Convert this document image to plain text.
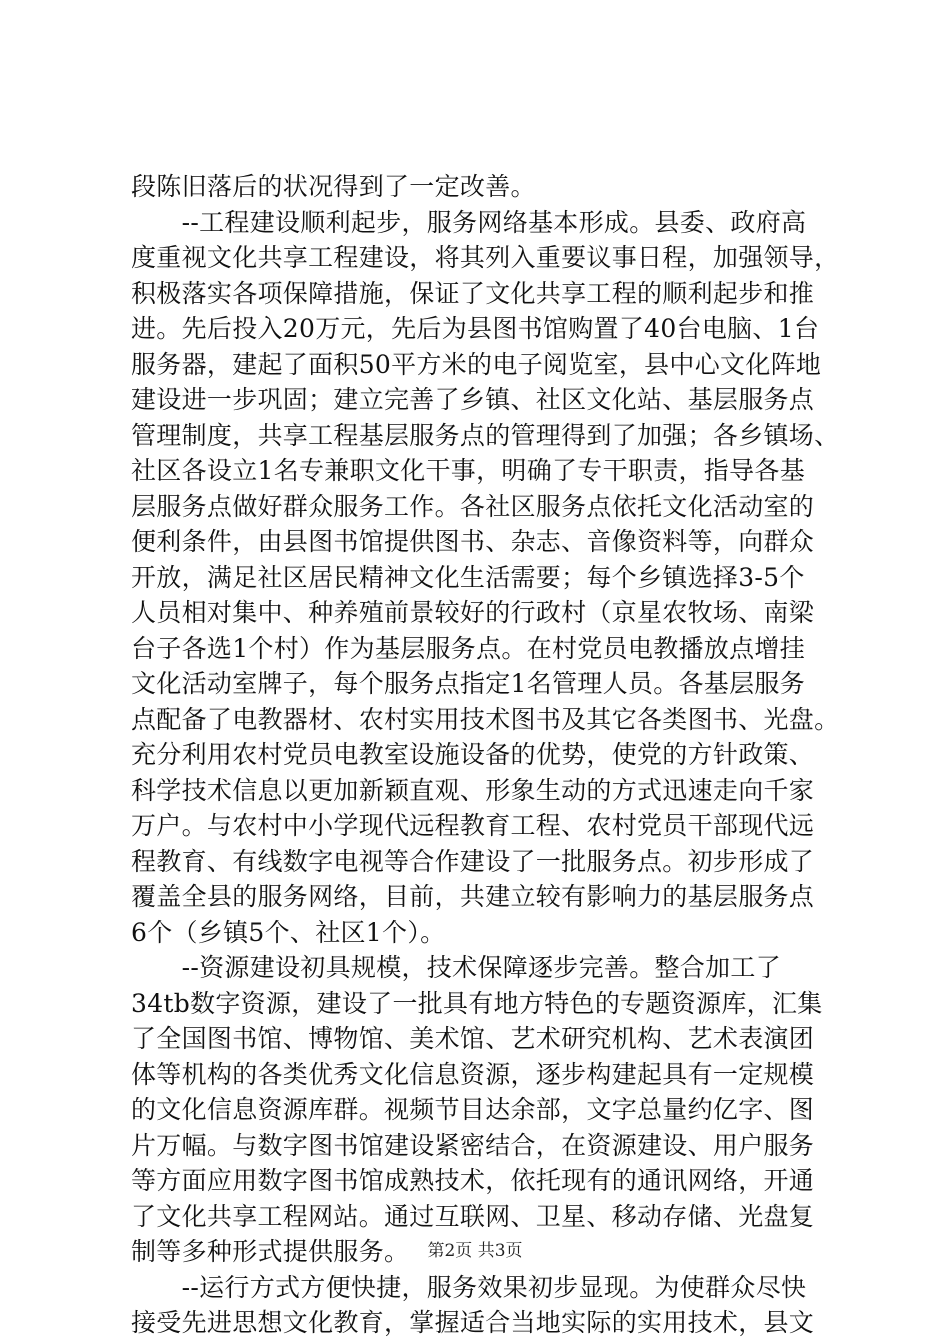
段陈旧落后的状况得到了一定改善。
　　--工程建设顺利起步，服务网络基本形成。县委、政府高
度重视文化共享工程建设，将其列入重要议事日程，加强领导，
积极落实各项保障措施，保证了文化共享工程的顺利起步和推
进。先后投入20万元，先后为县图书馆购置了40台电脑、1台
服务器，建起了面积50平方米的电子阅览室，县中心文化阵地
建设进一步巩固；建立完善了乡镇、社区文化站、基层服务点
管理制度，共享工程基层服务点的管理得到了加强；各乡镇场、
社区各设立1名专兼职文化干事，明确了专干职责，指导各基
层服务点做好群众服务工作。各社区服务点依托文化活动室的
便利条件，由县图书馆提供图书、杂志、音像资料等，向群众
开放，满足社区居民精神文化生活需要；每个乡镇选择3-5个
人员相对集中、种养殖前景较好的行政村（京星农牧场、南梁
台子各选1个村）作为基层服务点。在村党员电教播放点增挂
文化活动室牌子，每个服务点指定1名管理人员。各基层服务
点配备了电教器材、农村实用技术图书及其它各类图书、光盘。
充分利用农村党员电教室设施设备的优势，使党的方针政策、
科学技术信息以更加新颖直观、形象生动的方式迅速走向千家
万户。与农村中小学现代远程教育工程、农村党员干部现代远
程教育、有线数字电视等合作建设了一批服务点。初步形成了
覆盖全县的服务网络，目前，共建立较有影响力的基层服务点
6个（乡镇5个、社区1个）。
　　--资源建设初具规模，技术保障逐步完善。整合加工了
34tb数字资源，建设了一批具有地方特色的专题资源库，汇集
了全国图书馆、博物馆、美术馆、艺术研究机构、艺术表演团
体等机构的各类优秀文化信息资源，逐步构建起具有一定规模
的文化信息资源库群。视频节目达余部，文字总量约亿字、图
片万幅。与数字图书馆建设紧密结合，在资源建设、用户服务
等方面应用数字图书馆成熟技术，依托现有的通讯网络，开通
了文化共享工程网站。通过互联网、卫星、移动存储、光盘复
制等多种形式提供服务。
　　--运行方式方便快捷，服务效果初步显现。为使群众尽快
接受先进思想文化教育，掌握适合当地实际的实用技术，县文
第2页 共3页
